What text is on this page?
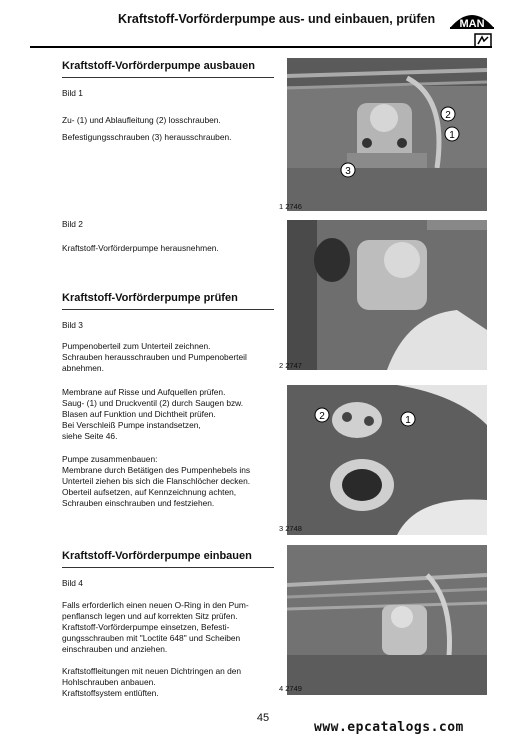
Kraftstoff-Vorförderpumpe aus- und einbauen, prüfen	MAN
Kraftstoff-Vorförderpumpe ausbauen
Bild 1
Zu- (1) und Ablaufleitung (2) losschrauben.
Befestigungsschrauben (3) herausschrauben.
Bild 2
Kraftstoff-Vorförderpumpe herausnehmen.
Kraftstoff-Vorförderpumpe prüfen
Bild 3
Pumpenoberteil zum Unterteil zeichnen.
Schrauben herausschrauben und Pumpenoberteil
abnehmen.
Membrane auf Risse und Aufquellen prüfen.
Saug- (1) und Druckventil (2) durch Saugen bzw.
Blasen auf Funktion und Dichtheit prüfen.
Bei Verschleiß Pumpe instandsetzen,
siehe Seite 46.
Pumpe zusammenbauen:
Membrane durch Betätigen des Pumpenhebels ins
Unterteil ziehen bis sich die Flanschlöcher decken.
Oberteil aufsetzen, auf Kennzeichnung achten,
Schrauben einschrauben und festziehen.
Kraftstoff-Vorförderpumpe einbauen
Bild 4
Falls erforderlich einen neuen O-Ring in den Pum-
penflansch legen und auf korrekten Sitz prüfen.
Kraftstoff-Vorförderpumpe einsetzen, Befesti-
gungsschrauben mit "Loctite 648" und Scheiben
einschrauben und anziehen.
Kraftstoffleitungen mit neuen Dichtringen an den
Hohlschrauben anbauen.
Kraftstoffsystem entlüften.
2
1
3
1 2746
2 2747
2	1
3 2748
4 2749
45
www.epcatalogs.com
